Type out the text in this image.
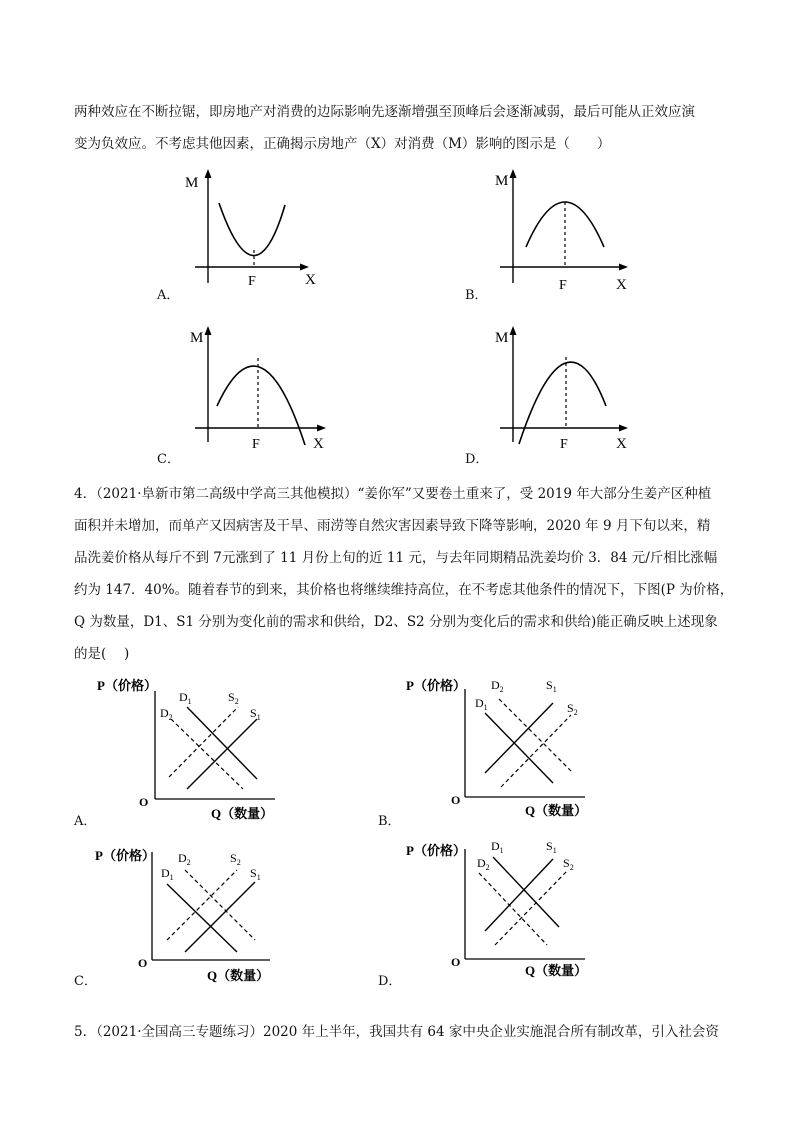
两种效应在不断拉锯，即房地产对消费的边际影响先逐渐增强至顶峰后会逐渐减弱，最后可能从正效应演
变为负效应。不考虑其他因素，正确揭示房地产（X）对消费（M）影响的图示是（　　）
A．
M
X
F
B．
M
X
F
C．
M
X
F
D．
M
X
F
4．（2021·阜新市第二高级中学高三其他模拟）“姜你军”又要卷土重来了，受 2019 年大部分生姜产区种植
面积并未增加，而单产又因病害及干旱、雨涝等自然灾害因素导致下降等影响，2020 年 9 月下旬以来，精
品洗姜价格从每斤不到 7元涨到了 11 月份上旬的近 11 元，与去年同期精品洗姜均价 3．84 元/斤相比涨幅
约为 147．40%。随着春节的到来，其价格也将继续维持高位，在不考虑其他条件的情况下，下图(P 为价格，
Q 为数量，D1、S1 分别为变化前的需求和供给，D2、S2 分别为变化后的需求和供给)能正确反映上述现象
的是(　 )
A．
P（价格）
Q（数量）
O
$D_1$	$S_2$
$D_2$	$S_1$
B．
P（价格）
Q（数量）
O
$D_2$	$S_1$
$D_1$	$S_2$
C．
P（价格）
Q（数量）
O
$D_2$	$S_2$
$D_1$	$S_1$
D．
P（价格）
Q（数量）
O
$D_1$	$S_1$
$D_2$	$S_2$
5．（2021·全国高三专题练习）2020 年上半年，我国共有 64 家中央企业实施混合所有制改革，引入社会资
